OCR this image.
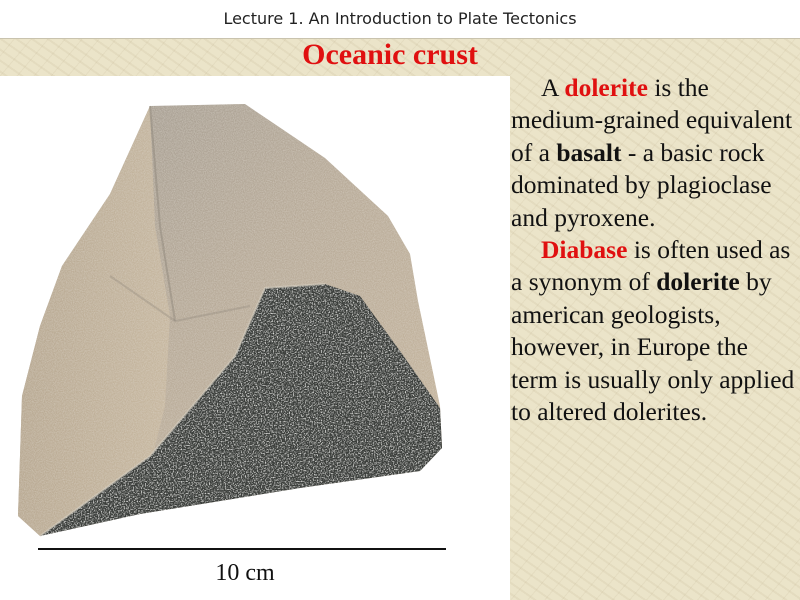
Lecture 1. An Introduction to Plate Tectonics
Oceanic crust
10 cm

A dolerite is the medium-grained equivalent of a basalt - a basic rock dominated by plagioclase and pyroxene.

Diabase is often used as a synonym of dolerite by american geologists, however, in Europe the term is usually only applied to altered dolerites.
